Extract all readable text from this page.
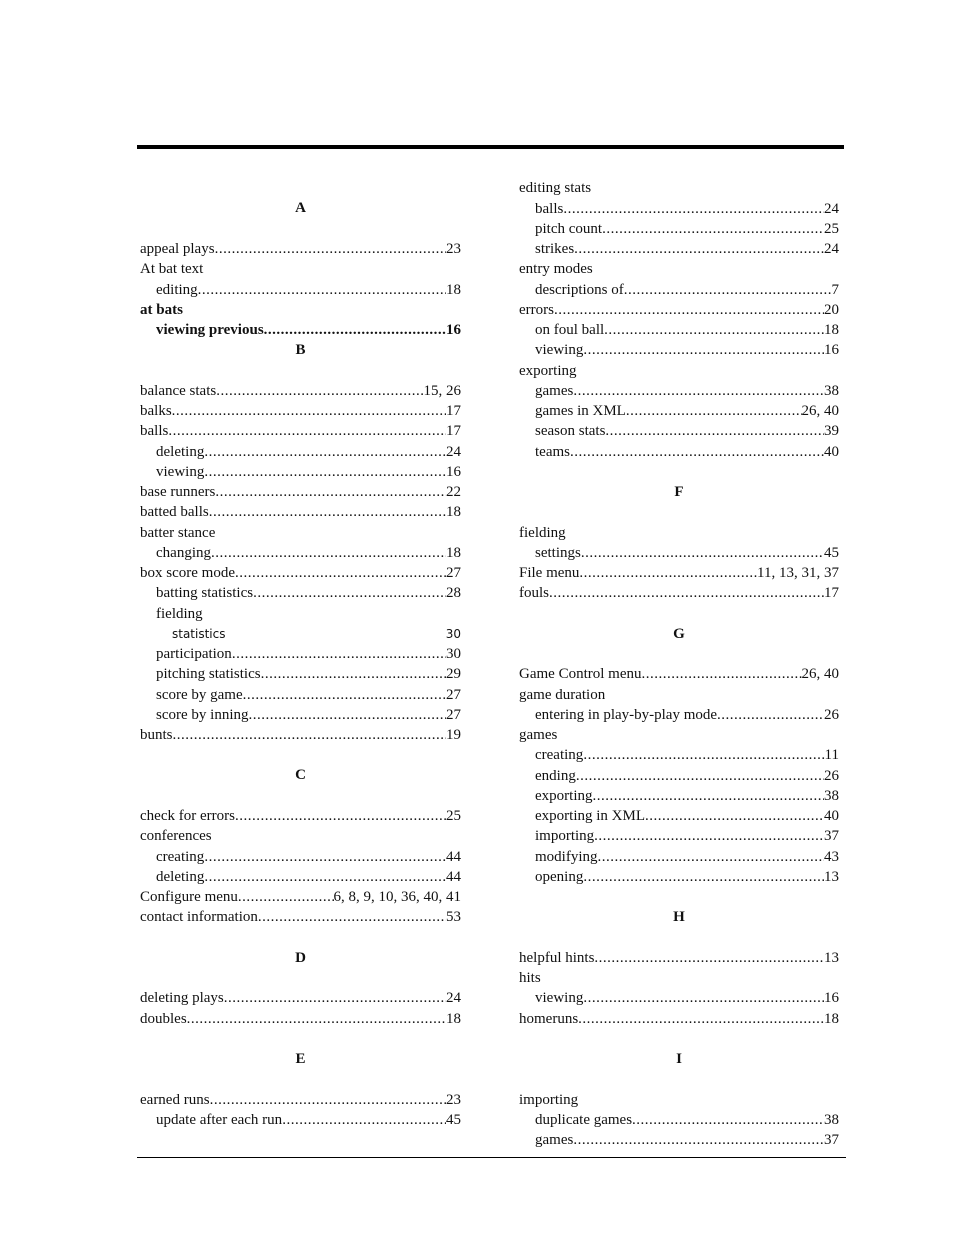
A
appeal plays .....	23
At bat text
editing .....	18
at bats
viewing previous .....	16
B
balance stats .....	15, 26
balks .....	17
balls .....	17
deleting .....	24
viewing .....	16
base runners .....	22
batted balls .....	18
batter stance
changing .....	18
box score mode .....	27
batting statistics .....	28
fielding
statistics	30
participation .....	30
pitching statistics .....	29
score by game .....	27
score by inning .....	27
bunts .....	19
C
check for errors .....	25
conferences
creating .....	44
deleting .....	44
Configure menu .....	6, 8, 9, 10, 36, 40, 41
contact information .....	53
D
deleting plays .....	24
doubles .....	18
E
earned runs .....	23
update after each run .....	45
editing stats
balls .....	24
pitch count .....	25
strikes .....	24
entry modes
descriptions of .....	7
errors .....	20
on foul ball .....	18
viewing .....	16
exporting
games .....	38
games in XML .....	26, 40
season stats .....	39
teams .....	40
F
fielding
settings .....	45
File menu .....	11, 13, 31, 37
fouls .....	17
G
Game Control menu .....	26, 40
game duration
entering in play-by-play mode .....	26
games
creating .....	11
ending .....	26
exporting .....	38
exporting in XML .....	40
importing .....	37
modifying .....	43
opening .....	13
H
helpful hints .....	13
hits
viewing .....	16
homeruns .....	18
I
importing
duplicate games .....	38
games .....	37
